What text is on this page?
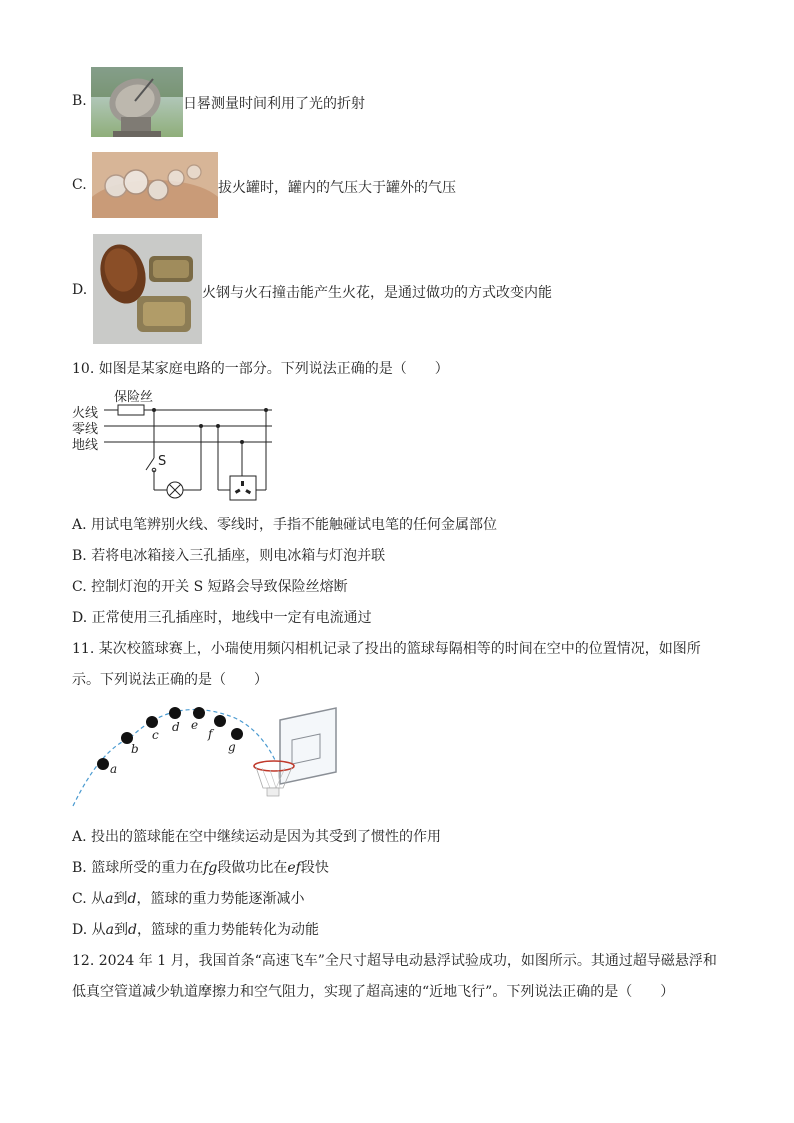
B.	日晷测量时间利用了光的折射
C.	拔火罐时，罐内的气压大于罐外的气压
D.	火钢与火石撞击能产生火花，是通过做功的方式改变内能
10. 如图是某家庭电路的一部分。下列说法正确的是（　　）
保险丝
火线
零线
地线
S
A. 用试电笔辨别火线、零线时，手指不能触碰试电笔的任何金属部位
B. 若将电冰箱接入三孔插座，则电冰箱与灯泡并联
C. 控制灯泡的开关 S 短路会导致保险丝熔断
D. 正常使用三孔插座时，地线中一定有电流通过
11. 某次校篮球赛上，小瑞使用频闪相机记录了投出的篮球每隔相等的时间在空中的位置情况，如图所
示。下列说法正确的是（　　）
a
b
c
d e
f
g
A. 投出的篮球能在空中继续运动是因为其受到了惯性的作用
B. 篮球所受的重力在fg段做功比在ef段快
C. 从a到d，篮球的重力势能逐渐减小
D. 从a到d，篮球的重力势能转化为动能
12. 2024 年 1 月，我国首条“高速飞车”全尺寸超导电动悬浮试验成功，如图所示。其通过超导磁悬浮和
低真空管道减少轨道摩擦力和空气阻力，实现了超高速的“近地飞行”。下列说法正确的是（　　）
